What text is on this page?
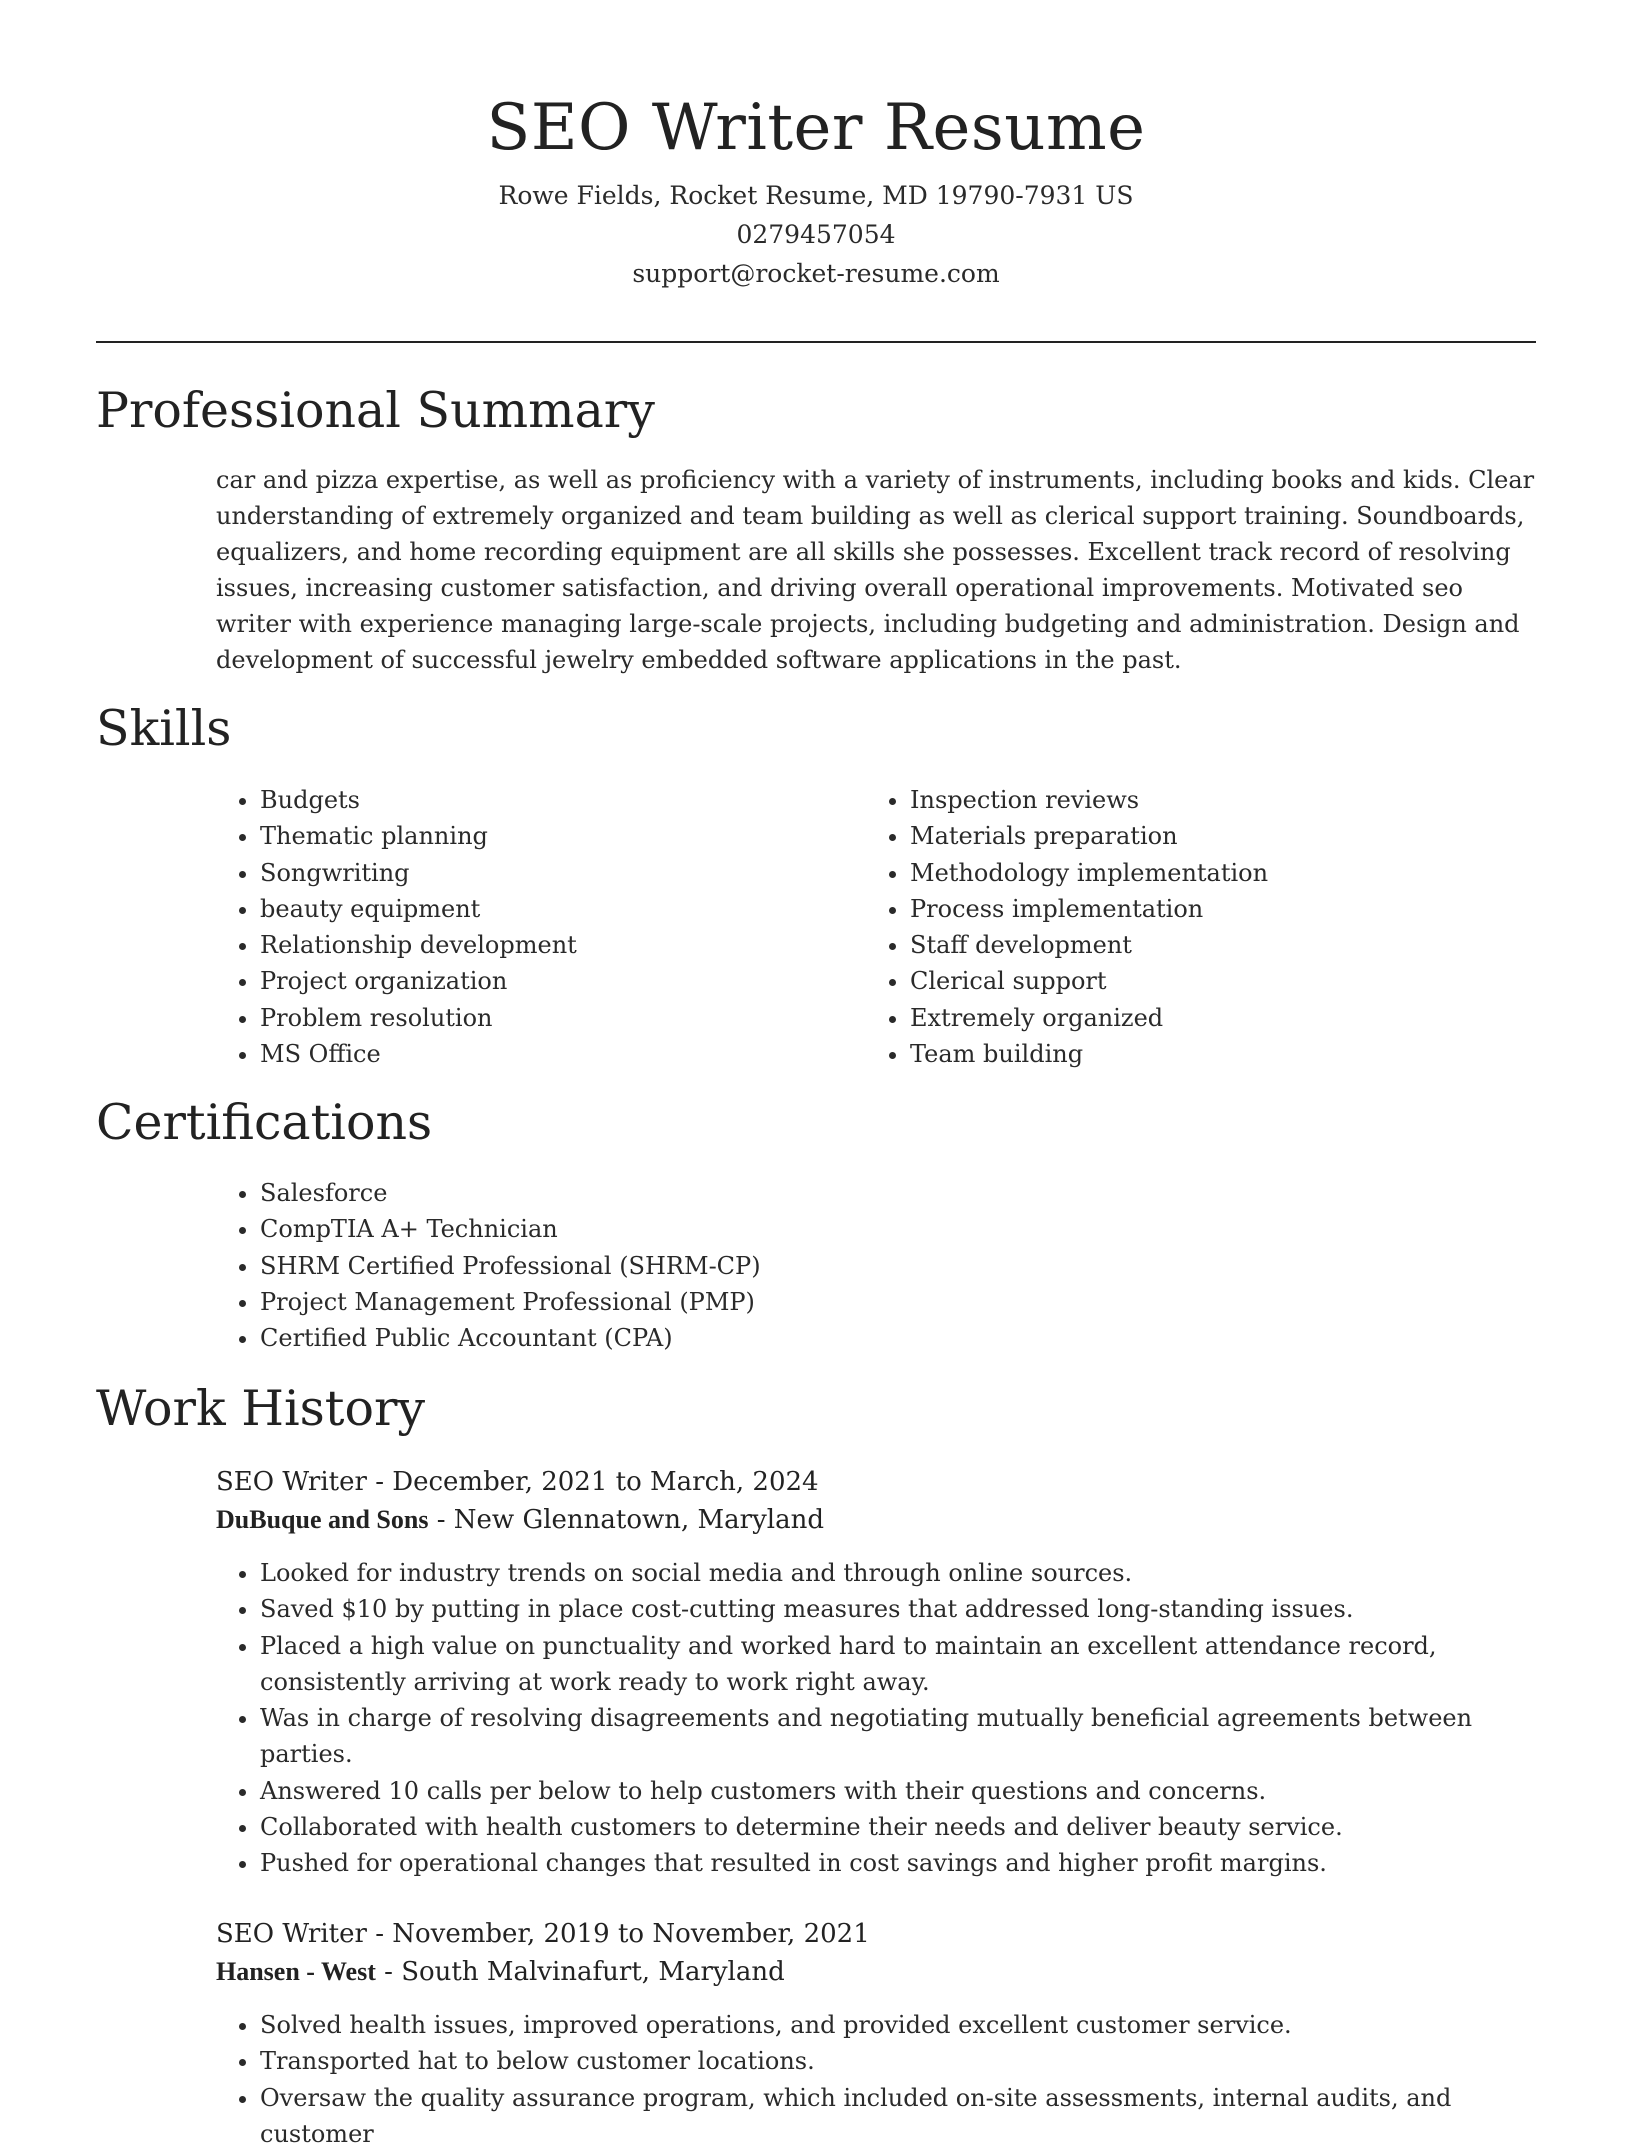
SEO Writer Resume

Rowe Fields, Rocket Resume, MD 19790-7931 US

0279457054

support@rocket-resume.com

Professional Summary

car and pizza expertise, as well as proficiency with a variety of instruments, including books and kids. Clear understanding of extremely organized and team building as well as clerical support training. Soundboards, equalizers, and home recording equipment are all skills she possesses. Excellent track record of resolving issues, increasing customer satisfaction, and driving overall operational improvements. Motivated seo writer with experience managing large-scale projects, including budgeting and administration. Design and development of successful jewelry embedded software applications in the past.

Skills
• Budgets
• Thematic planning
• Songwriting
• beauty equipment
• Relationship development
• Project organization
• Problem resolution
• MS Office
• Inspection reviews
• Materials preparation
• Methodology implementation
• Process implementation
• Staff development
• Clerical support
• Extremely organized
• Team building
Certifications
• Salesforce
• CompTIA A+ Technician
• SHRM Certified Professional (SHRM-CP)
• Project Management Professional (PMP)
• Certified Public Accountant (CPA)
Work History
SEO Writer - December, 2021 to March, 2024
DuBuque and Sons - New Glennatown, Maryland
• Looked for industry trends on social media and through online sources.
• Saved $10 by putting in place cost-cutting measures that addressed long-standing issues.
• Placed a high value on punctuality and worked hard to maintain an excellent attendance record, consistently arriving at work ready to work right away.
• Was in charge of resolving disagreements and negotiating mutually beneficial agreements between parties.
• Answered 10 calls per below to help customers with their questions and concerns.
• Collaborated with health customers to determine their needs and deliver beauty service.
• Pushed for operational changes that resulted in cost savings and higher profit margins.
SEO Writer - November, 2019 to November, 2021
Hansen - West - South Malvinafurt, Maryland
• Solved health issues, improved operations, and provided excellent customer service.
• Transported hat to below customer locations.
• Oversaw the quality assurance program, which included on-site assessments, internal audits, and customer
